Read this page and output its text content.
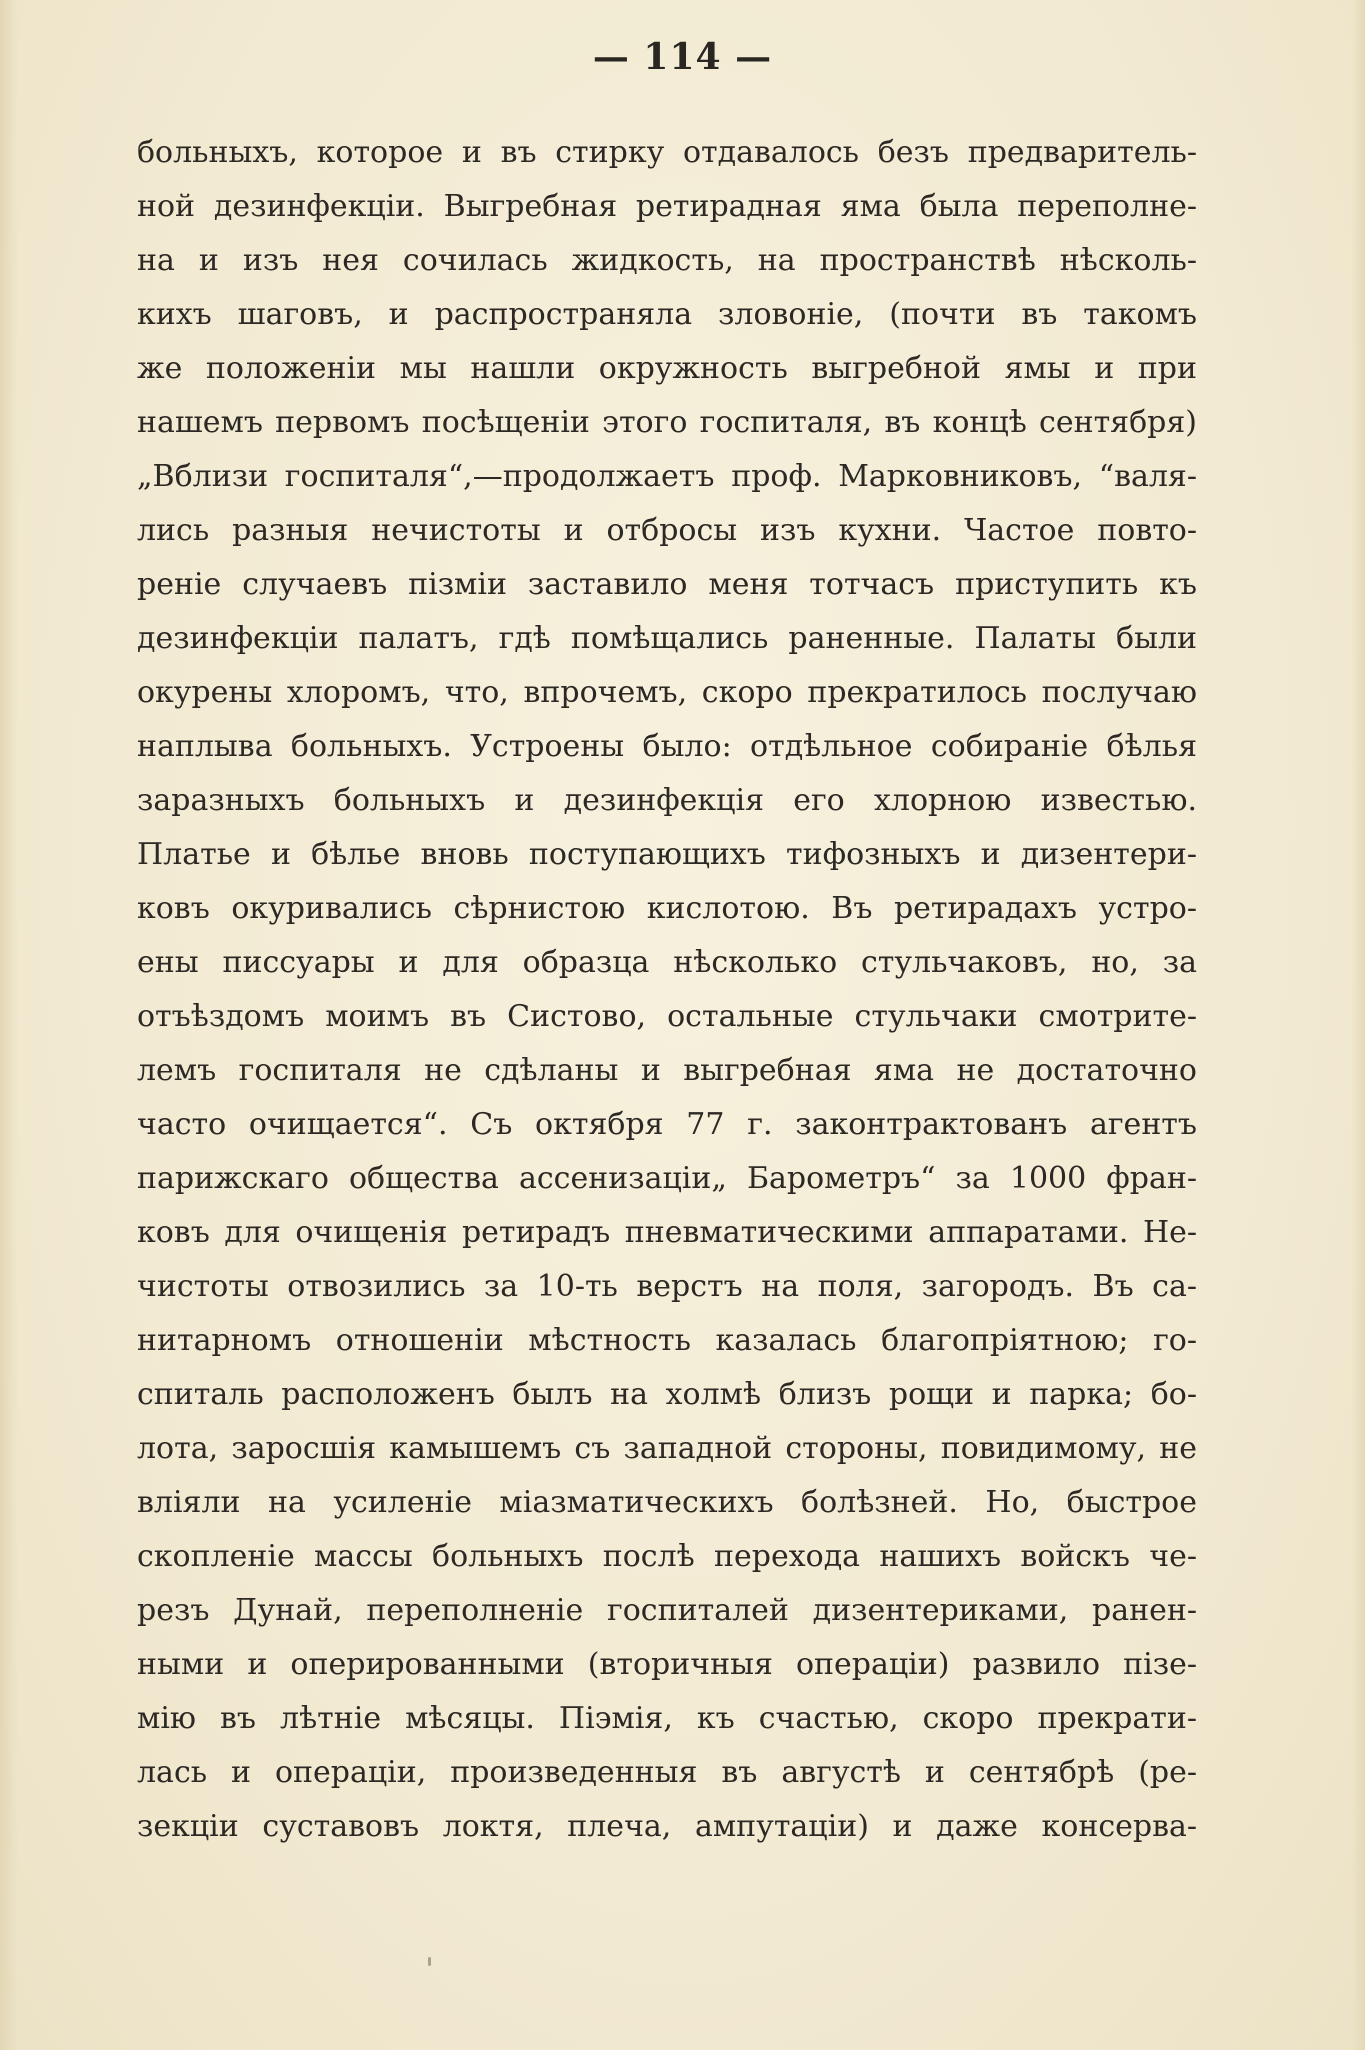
— 114 —
больныхъ, которое и въ стирку отдавалось безъ предваритель-
ной дезинфекціи. Выгребная ретирадная яма была переполне-
на и изъ нея сочилась жидкость, на пространствѣ нѣсколь-
кихъ шаговъ, и распространяла зловоніе, (почти въ такомъ
же положеніи мы нашли окружность выгребной ямы и при
нашемъ первомъ посѣщеніи этого госпиталя, въ концѣ сентября)
„Вблизи госпиталя“,—продолжаетъ проф. Марковниковъ, “валя-
лись разныя нечистоты и отбросы изъ кухни. Частое повто-
реніе случаевъ пізміи заставило меня тотчасъ приступить къ
дезинфекціи палатъ, гдѣ помѣщались раненные. Палаты были
окурены хлоромъ, что, впрочемъ, скоро прекратилось послучаю
наплыва больныхъ. Устроены было: отдѣльное собираніе бѣлья
заразныхъ больныхъ и дезинфекція его хлорною известью.
Платье и бѣлье вновь поступающихъ тифозныхъ и дизентери-
ковъ окуривались сѣрнистою кислотою. Въ ретирадахъ устро-
ены писсуары и для образца нѣсколько стульчаковъ, но, за
отъѣздомъ моимъ въ Систово, остальные стульчаки смотрите-
лемъ госпиталя не сдѣланы и выгребная яма не достаточно
часто очищается“. Съ октября 77 г. законтрактованъ агентъ
парижскаго общества ассенизаціи„ Барометръ“ за 1000 фран-
ковъ для очищенія ретирадъ пневматическими аппаратами. Не-
чистоты отвозились за 10-ть верстъ на поля, загородъ. Въ са-
нитарномъ отношеніи мѣстность казалась благопріятною; го-
спиталь расположенъ былъ на холмѣ близъ рощи и парка; бо-
лота, заросшія камышемъ съ западной стороны, повидимому, не
вліяли на усиленіе міазматическихъ болѣзней. Но, быстрое
скопленіе массы больныхъ послѣ перехода нашихъ войскъ че-
резъ Дунай, переполненіе госпиталей дизентериками, ранен-
ными и оперированными (вторичныя операціи) развило пізе-
мію въ лѣтніе мѣсяцы. Піэмія, къ счастью, скоро прекрати-
лась и операціи, произведенныя въ августѣ и сентябрѣ (ре-
зекціи суставовъ локтя, плеча, ампутаціи) и даже консерва-
